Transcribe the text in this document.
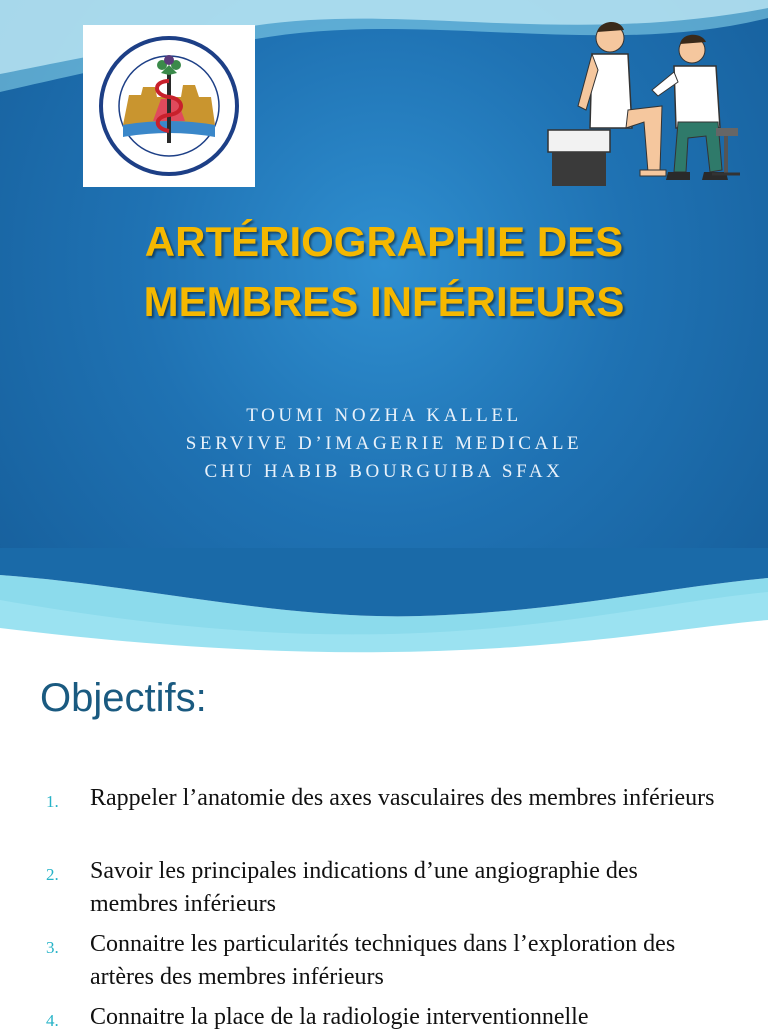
ARTÉRIOGRAPHIE DES
MEMBRES INFÉRIEURS
TOUMI NOZHA KALLEL
SERVIVE D’IMAGERIE MEDICALE
CHU HABIB BOURGUIBA SFAX
Objectifs:
1. Rappeler l’anatomie des axes vasculaires des membres inférieurs
2. Savoir les principales indications d’une angiographie des membres inférieurs
3. Connaitre les particularités techniques dans l’exploration des artères des membres inférieurs
4. Connaitre la place de la radiologie interventionnelle
